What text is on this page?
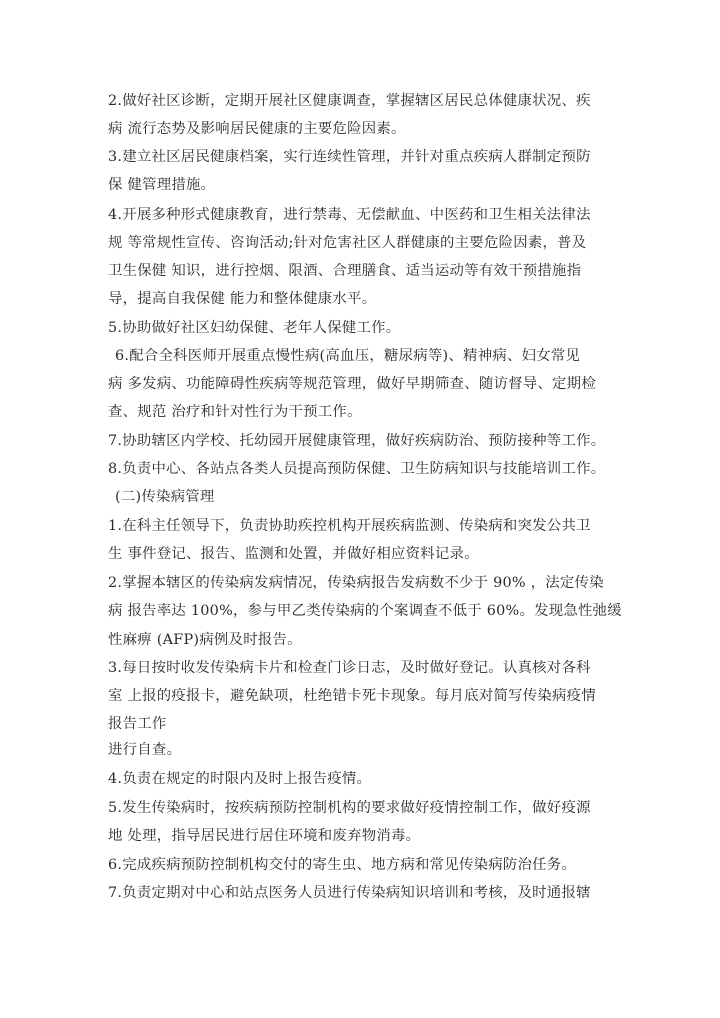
2.做好社区诊断，定期开展社区健康调查，掌握辖区居民总体健康状况、疾
病 流行态势及影响居民健康的主要危险因素。
3.建立社区居民健康档案，实行连续性管理，并针对重点疾病人群制定预防
保 健管理措施。
4.开展多种形式健康教育，进行禁毒、无偿献血、中医药和卫生相关法律法
规 等常规性宣传、咨询活动;针对危害社区人群健康的主要危险因素，普及
卫生保健 知识，进行控烟、限酒、合理膳食、适当运动等有效干预措施指
导，提高自我保健 能力和整体健康水平。
5.协助做好社区妇幼保健、老年人保健工作。
6.配合全科医师开展重点慢性病(高血压，糖尿病等)、精神病、妇女常见
病 多发病、功能障碍性疾病等规范管理，做好早期筛查、随访督导、定期检
查、规范 治疗和针对性行为干预工作。
7.协助辖区内学校、托幼园开展健康管理，做好疾病防治、预防接种等工作。
8.负责中心、各站点各类人员提高预防保健、卫生防病知识与技能培训工作。
(二)传染病管理
1.在科主任领导下，负责协助疾控机构开展疾病监测、传染病和突发公共卫
生 事件登记、报告、监测和处置，并做好相应资料记录。
2.掌握本辖区的传染病发病情况，传染病报告发病数不少于 90% ，法定传染
病 报告率达 100%，参与甲乙类传染病的个案调查不低于 60%。发现急性弛缓
性麻痹 (AFP)病例及时报告。
3.每日按时收发传染病卡片和检查门诊日志，及时做好登记。认真核对各科
室 上报的疫报卡，避免缺项，杜绝错卡死卡现象。每月底对简写传染病疫情
报告工作
进行自查。
4.负责在规定的时限内及时上报告疫情。
5.发生传染病时，按疾病预防控制机构的要求做好疫情控制工作，做好疫源
地 处理，指导居民进行居住环境和废弃物消毒。
6.完成疾病预防控制机构交付的寄生虫、地方病和常见传染病防治任务。
7.负责定期对中心和站点医务人员进行传染病知识培训和考核，及时通报辖
